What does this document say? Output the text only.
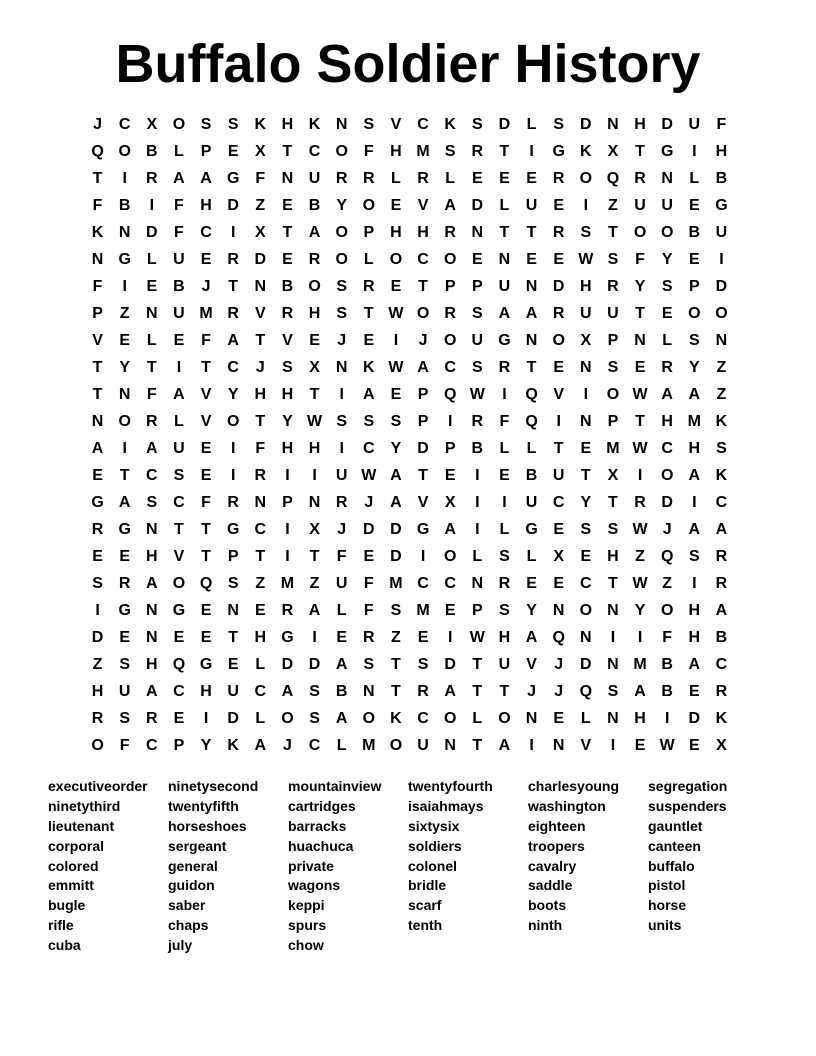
Buffalo Soldier History
J	C	X O S	S	K H K N	S	V	C K	S	D	L	S	D N H D U	F
Q O B	L	P	E	X	T	C O	F	H M S	R	T	I	G K	X	T	G	I	H
T	I	R A A G	F	N U R R	L	R	L	E	E	E	R O Q R N	L	B
F	B	I	F	H D	Z	E	B	Y O E	V	A D	L	U	E	I	Z	U U	E G
K N D	F	C	I	X	T	A O P	H H R N	T	T	R	S	T	O O B U
N G	L	U	E	R D	E	R O	L	O C O E	N	E	E W S	F	Y	E	I
F	I	E	B	J	T	N B O S	R	E	T	P	P	U N D H R	Y	S	P	D
P	Z	N U M R	V	R H	S	T W O R	S	A A R U U	T	E O O
V	E	L	E	F	A	T	V	E	J	E	I	J	O U G N O X	P	N	L	S	N
T	Y	T	I	T	C	J	S	X	N K W A C	S	R	T	E	N	S	E	R	Y	Z
T	N	F	A	V	Y	H H	T	I	A	E	P Q W	I	Q V	I	O W A A	Z
N O R	L	V O	T	Y W S	S	S	P	I	R	F	Q	I	N	P	T	H M K
A	I	A U	E	I	F	H H	I	C	Y	D	P	B	L	L	T	E M W C H	S
E	T	C	S	E	I	R	I	I	U W A	T	E	I	E	B U	T	X	I	O A K
G A	S	C	F	R N	P	N R	J	A	V	X	I	I	U C	Y	T	R D	I	C
R G N	T	T	G C	I	X	J	D D G A	I	L	G E	S	S W J	A A
E	E	H	V	T	P	T	I	T	F	E	D	I	O	L	S	L	X	E	H	Z	Q S	R
S	R A O Q S	Z M Z	U	F M C C N R	E	E	C	T W Z	I	R
I	G N G E	N	E	R A	L	F	S M E	P	S	Y	N O N	Y O H A
D	E	N	E	E	T	H G	I	E	R	Z	E	I	W H A Q N	I	I	F	H B
Z	S	H Q G E	L	D D A	S	T	S	D	T	U	V	J	D N M B A C
H U A C H U C A	S	B N	T	R A	T	T	J	J	Q S	A B	E	R
R	S	R	E	I	D	L	O S	A O K C O	L	O N	E	L	N H	I	D K
O	F	C	P	Y	K A	J	C	L M O U N	T	A	I	N	V	I	E W E	X
executiveorder	ninetysecond	mountainview	twentyfourth	charlesyoung	segregation
ninetythird	twentyfifth	cartridges	isaiahmays	washington	suspenders
lieutenant	horseshoes	barracks	sixtysix	eighteen	gauntlet
corporal	sergeant	huachuca	soldiers	troopers	canteen
colored	general	private	colonel	cavalry	buffalo
emmitt	guidon	wagons	bridle	saddle	pistol
bugle	saber	keppi	scarf	boots	horse
rifle	chaps	spurs	tenth	ninth	units
cuba	july	chow
